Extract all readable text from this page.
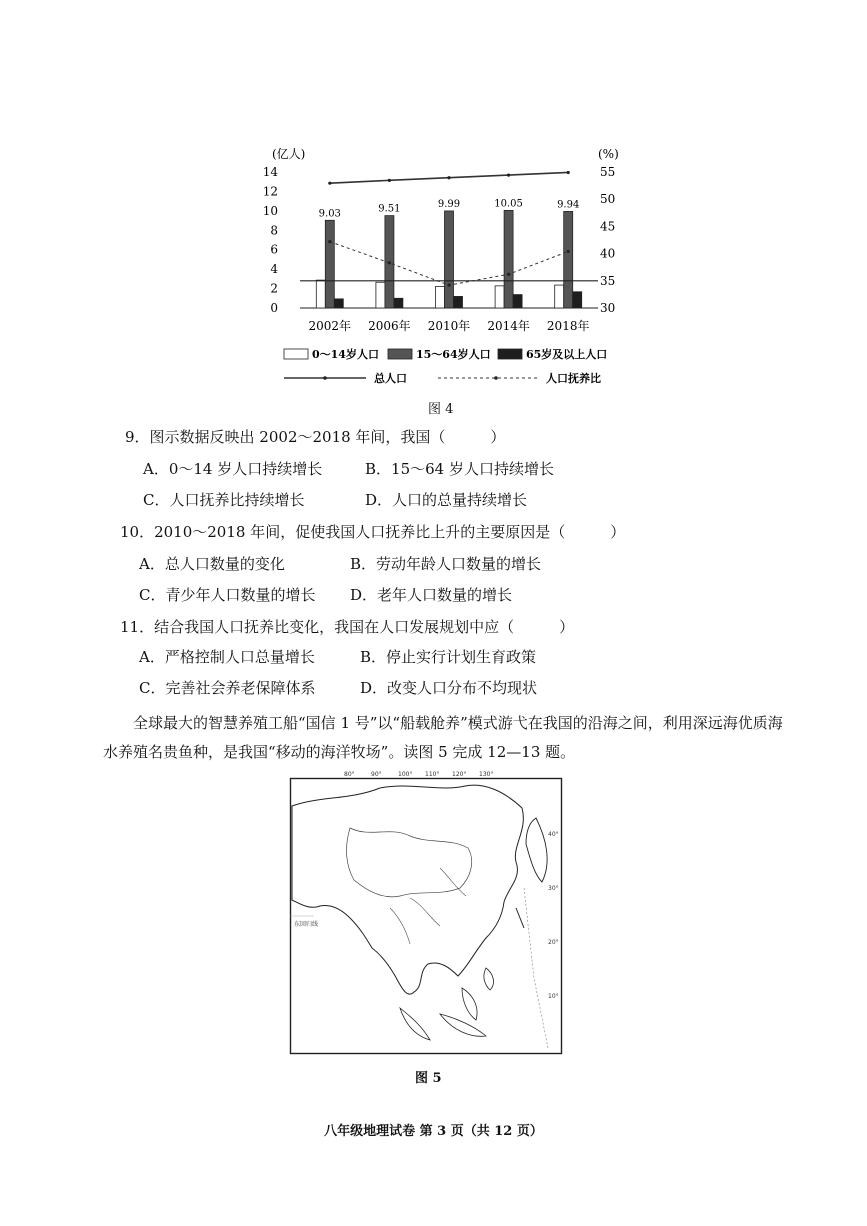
(亿人)	(%)
0
2
4
6
8
10
12
14
30
35
40
45
50
55
9.03
2002年
9.51
2006年
9.99
2010年
10.05
2014年
9.94
2018年
0～14岁人口	15～64岁人口	65岁及以上人口
总人口	人口抚养比
图 4
9．图示数据反映出 2002～2018 年间，我国（　　　）
A．0～14 岁人口持续增长	B．15～64 岁人口持续增长
C．人口抚养比持续增长	D．人口的总量持续增长
10．2010～2018 年间，促使我国人口抚养比上升的主要原因是（　　　）
A．总人口数量的变化	B．劳动年龄人口数量的增长
C．青少年人口数量的增长 D．老年人口数量的增长
11．结合我国人口抚养比变化，我国在人口发展规划中应（　　　）
A．严格控制人口总量增长	B．停止实行计划生育政策
C．完善社会养老保障体系	D．改变人口分布不均现状
全球最大的智慧养殖工船“国信 1 号”以“船载舱养”模式游弋在我国的沿海之间，利用深远海优质海水养殖名贵鱼种，是我国“移动的海洋牧场”。读图 5 完成 12—13 题。
80°	90°	100° 110° 120° 130°
40°
30°
20°
10°
东回归线
图 5
八年级地理试卷 第 3 页（共 12 页）
